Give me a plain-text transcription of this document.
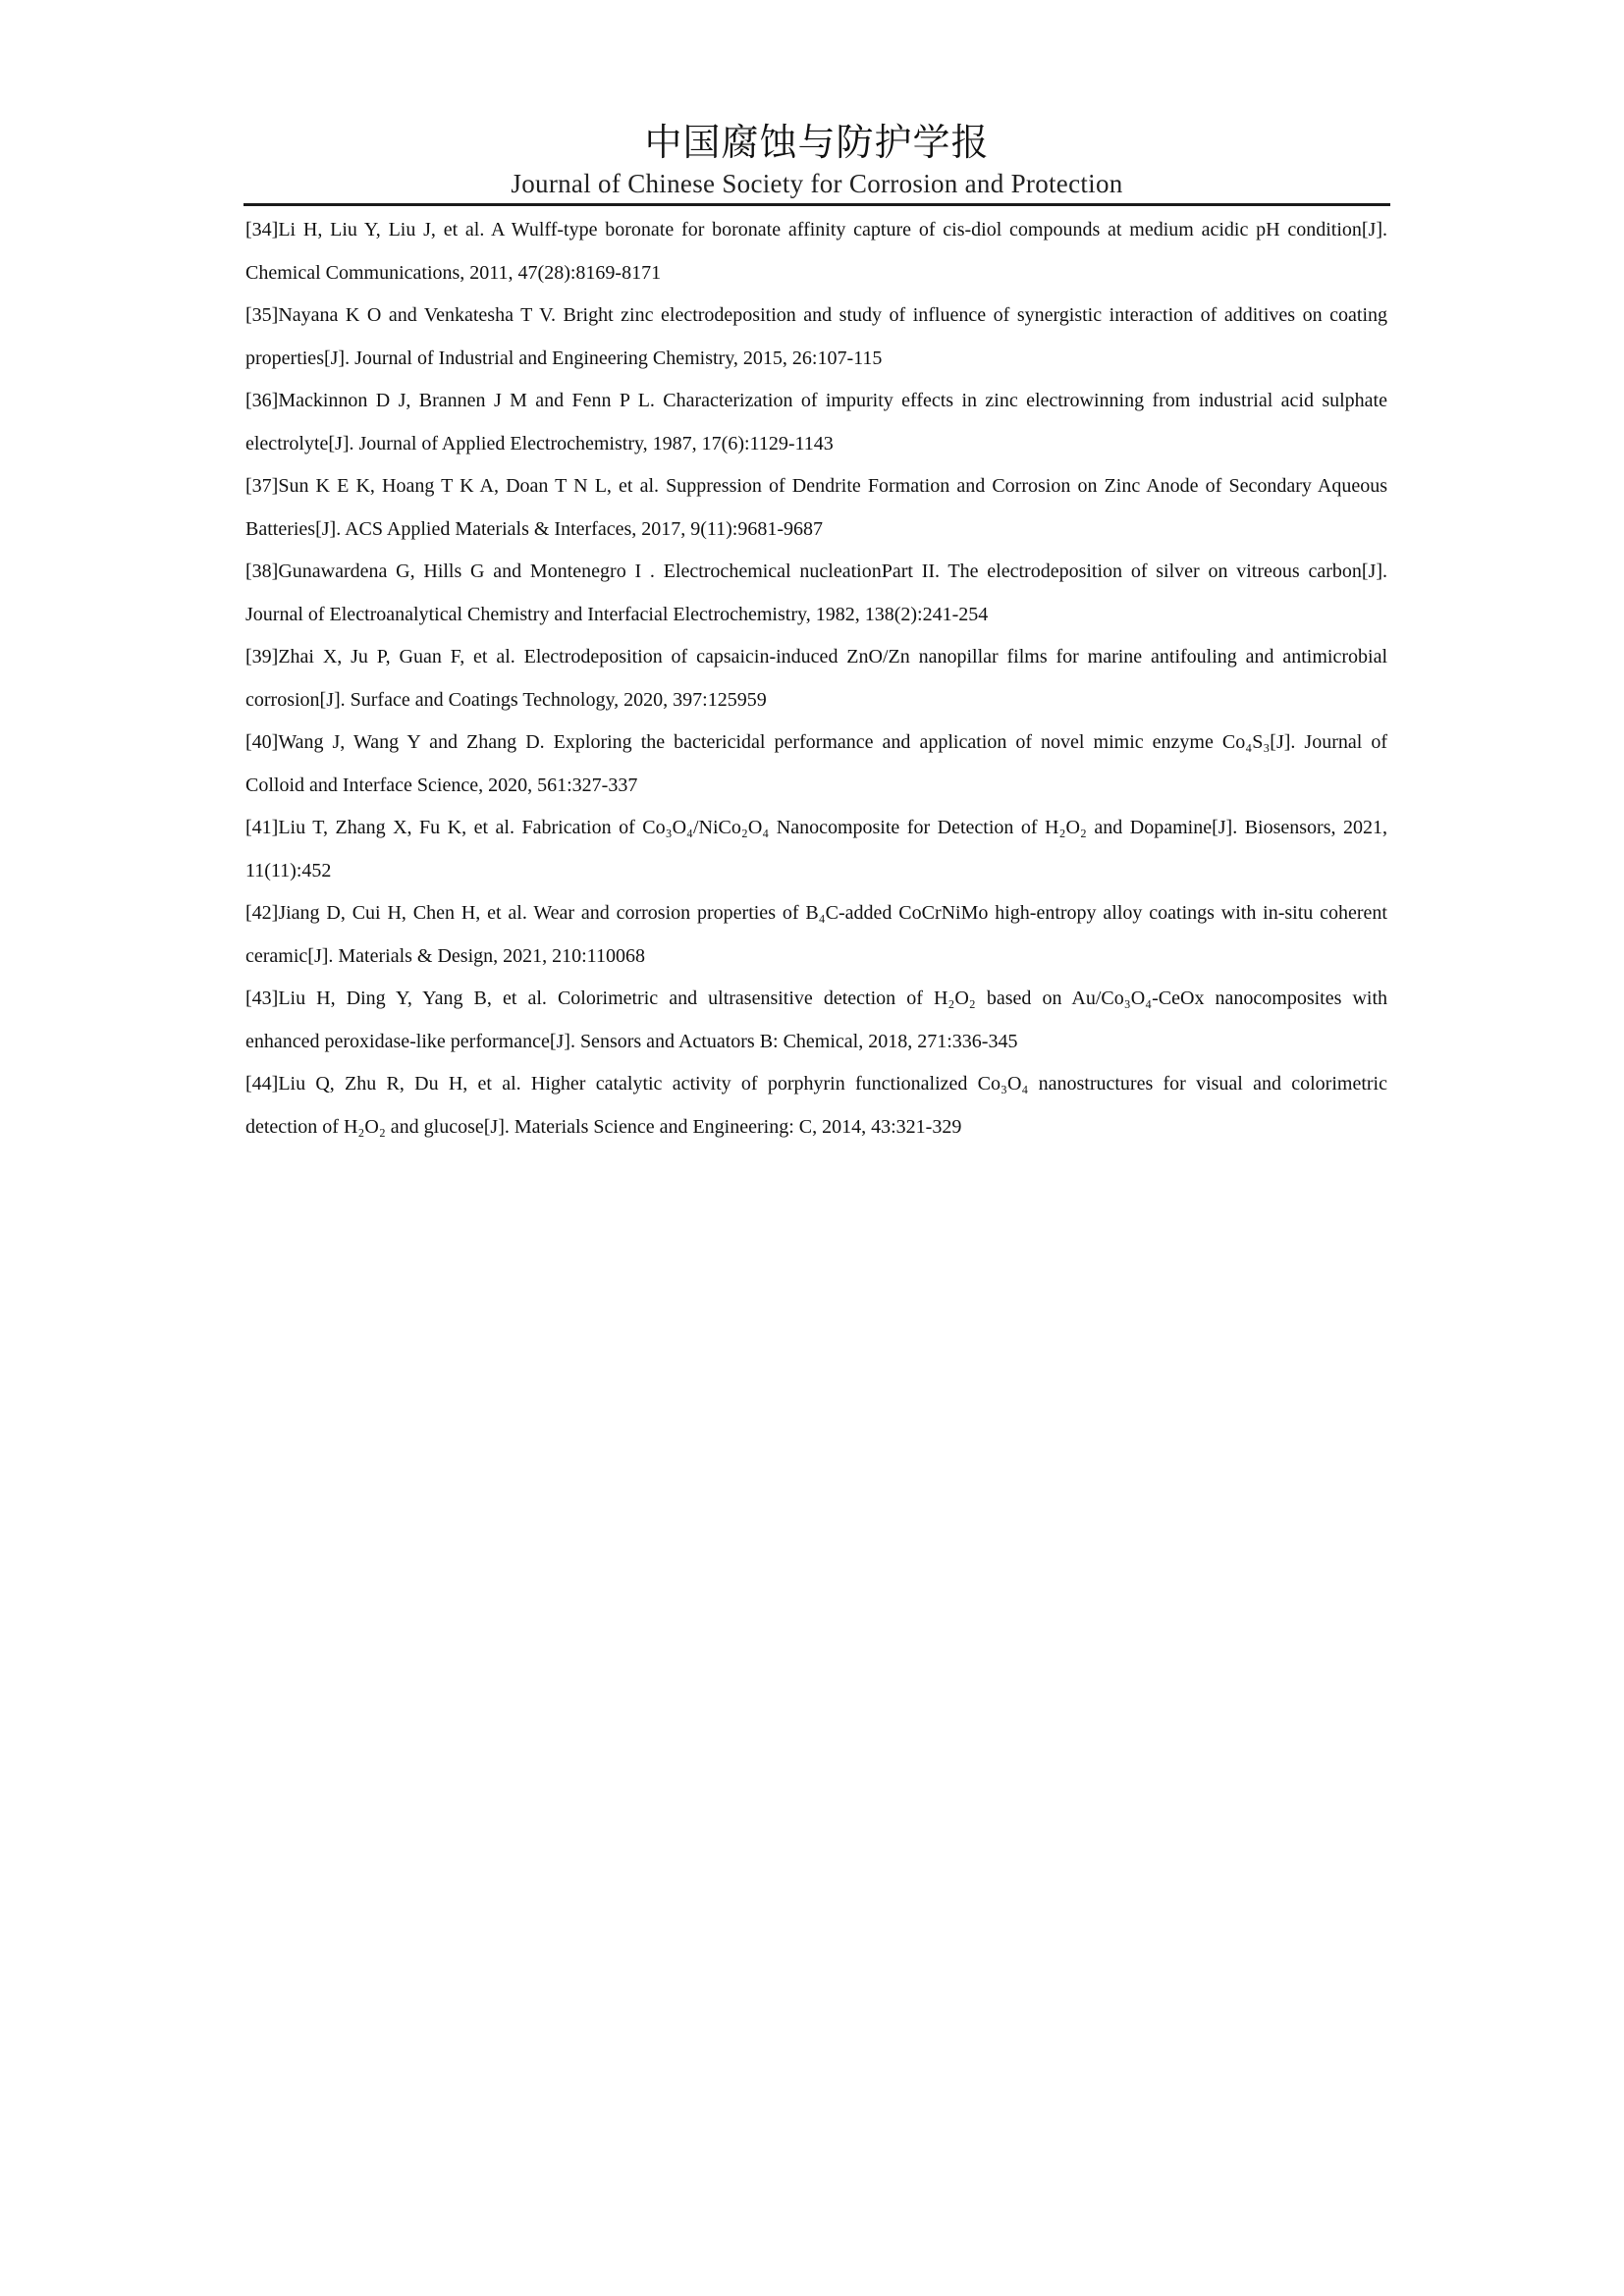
中国腐蚀与防护学报
Journal of Chinese Society for Corrosion and Protection
[34]Li H, Liu Y, Liu J, et al. A Wulff-type boronate for boronate affinity capture of cis-diol compounds at medium acidic pH condition[J].
Chemical Communications, 2011, 47(28):8169-8171
[35]Nayana K O and Venkatesha T V. Bright zinc electrodeposition and study of influence of synergistic interaction of additives on coating
properties[J]. Journal of Industrial and Engineering Chemistry, 2015, 26:107-115
[36]Mackinnon D J, Brannen J M and Fenn P L. Characterization of impurity effects in zinc electrowinning from industrial acid sulphate
electrolyte[J]. Journal of Applied Electrochemistry, 1987, 17(6):1129-1143
[37]Sun K E K, Hoang T K A, Doan T N L, et al. Suppression of Dendrite Formation and Corrosion on Zinc Anode of Secondary Aqueous
Batteries[J]. ACS Applied Materials & Interfaces, 2017, 9(11):9681-9687
[38]Gunawardena G, Hills G and Montenegro I . Electrochemical nucleationPart II. The electrodeposition of silver on vitreous carbon[J].
Journal of Electroanalytical Chemistry and Interfacial Electrochemistry, 1982, 138(2):241-254
[39]Zhai X, Ju P, Guan F, et al. Electrodeposition of capsaicin-induced ZnO/Zn nanopillar films for marine antifouling and antimicrobial
corrosion[J]. Surface and Coatings Technology, 2020, 397:125959
[40]Wang J, Wang Y and Zhang D. Exploring the bactericidal performance and application of novel mimic enzyme Co₄S₃[J]. Journal of
Colloid and Interface Science, 2020, 561:327-337
[41]Liu T, Zhang X, Fu K, et al. Fabrication of Co₃O₄/NiCo₂O₄ Nanocomposite for Detection of H₂O₂ and Dopamine[J]. Biosensors, 2021,
11(11):452
[42]Jiang D, Cui H, Chen H, et al. Wear and corrosion properties of B₄C-added CoCrNiMo high-entropy alloy coatings with in-situ coherent
ceramic[J]. Materials & Design, 2021, 210:110068
[43]Liu H, Ding Y, Yang B, et al. Colorimetric and ultrasensitive detection of H₂O₂ based on Au/Co₃O₄-CeOx nanocomposites with
enhanced peroxidase-like performance[J]. Sensors and Actuators B: Chemical, 2018, 271:336-345
[44]Liu Q, Zhu R, Du H, et al. Higher catalytic activity of porphyrin functionalized Co₃O₄ nanostructures for visual and colorimetric
detection of H₂O₂ and glucose[J]. Materials Science and Engineering: C, 2014, 43:321-329
